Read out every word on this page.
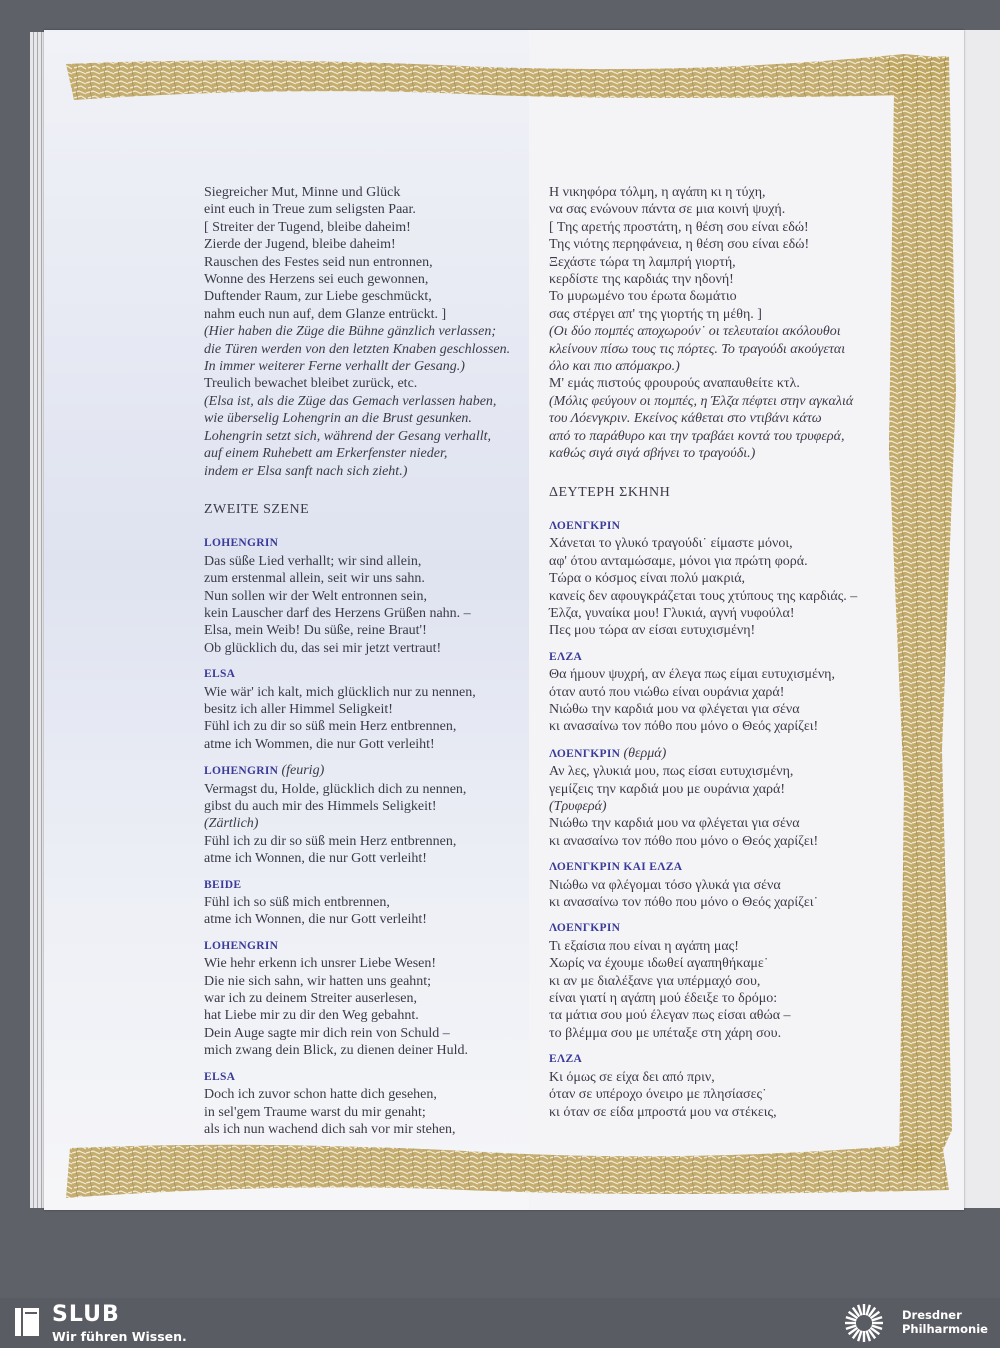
Siegreicher Mut, Minne und Glück

eint euch in Treue zum seligsten Paar.

[ Streiter der Tugend, bleibe daheim!

Zierde der Jugend, bleibe daheim!

Rauschen des Festes seid nun entronnen,

Wonne des Herzens sei euch gewonnen,

Duftender Raum, zur Liebe geschmückt,

nahm euch nun auf, dem Glanze entrückt. ]

(Hier haben die Züge die Bühne gänzlich verlassen;

die Türen werden von den letzten Knaben geschlossen.

In immer weiterer Ferne verhallt der Gesang.)

Treulich bewachet bleibet zurück, etc.

(Elsa ist, als die Züge das Gemach verlassen haben,

wie überselig Lohengrin an die Brust gesunken.

Lohengrin setzt sich, während der Gesang verhallt,

auf einem Ruhebett am Erkerfenster nieder,

indem er Elsa sanft nach sich zieht.)

ZWEITE SZENE

LOHENGRIN

Das süße Lied verhallt; wir sind allein,

zum erstenmal allein, seit wir uns sahn.

Nun sollen wir der Welt entronnen sein,

kein Lauscher darf des Herzens Grüßen nahn. –

Elsa, mein Weib! Du süße, reine Braut'!

Ob glücklich du, das sei mir jetzt vertraut!

ELSA

Wie wär' ich kalt, mich glücklich nur zu nennen,

besitz ich aller Himmel Seligkeit!

Fühl ich zu dir so süß mein Herz entbrennen,

atme ich Wommen, die nur Gott verleiht!

LOHENGRIN (feurig)

Vermagst du, Holde, glücklich dich zu nennen,

gibst du auch mir des Himmels Seligkeit!

(Zärtlich)

Fühl ich zu dir so süß mein Herz entbrennen,

atme ich Wonnen, die nur Gott verleiht!

BEIDE

Fühl ich so süß mich entbrennen,

atme ich Wonnen, die nur Gott verleiht!

LOHENGRIN

Wie hehr erkenn ich unsrer Liebe Wesen!

Die nie sich sahn, wir hatten uns geahnt;

war ich zu deinem Streiter auserlesen,

hat Liebe mir zu dir den Weg gebahnt.

Dein Auge sagte mir dich rein von Schuld –

mich zwang dein Blick, zu dienen deiner Huld.

ELSA

Doch ich zuvor schon hatte dich gesehen,

in sel'gem Traume warst du mir genaht;

als ich nun wachend dich sah vor mir stehen,

Η νικηφόρα τόλμη, η αγάπη κι η τύχη,

να σας ενώνουν πάντα σε μια κοινή ψυχή.

[ Της αρετής προστάτη, η θέση σου είναι εδώ!

Της νιότης περηφάνεια, η θέση σου είναι εδώ!

Ξεχάστε τώρα τη λαμπρή γιορτή,

κερδίστε της καρδιάς την ηδονή!

Το μυρωμένο του έρωτα δωμάτιο

σας στέργει απ' της γιορτής τη μέθη. ]

(Οι δύο πομπές αποχωρούν˙ οι τελευταίοι ακόλουθοι

κλείνουν πίσω τους τις πόρτες. Το τραγούδι ακούγεται

όλο και πιο απόμακρο.)

Μ' εμάς πιστούς φρουρούς αναπαυθείτε κτλ.

(Μόλις φεύγουν οι πομπές, η Έλζα πέφτει στην αγκαλιά

του Λόενγκριν. Εκείνος κάθεται στο ντιβάνι κάτω

από το παράθυρο και την τραβάει κοντά του τρυφερά,

καθώς σιγά σιγά σβήνει το τραγούδι.)

ΔΕΥΤΕΡΗ ΣΚΗΝΗ

ΛΟΕΝΓΚΡΙΝ

Χάνεται το γλυκό τραγούδι˙ είμαστε μόνοι,

αφ' ότου ανταμώσαμε, μόνοι για πρώτη φορά.

Τώρα ο κόσμος είναι πολύ μακριά,

κανείς δεν αφουγκράζεται τους χτύπους της καρδιάς. –

Έλζα, γυναίκα μου! Γλυκιά, αγνή νυφούλα!

Πες μου τώρα αν είσαι ευτυχισμένη!

ΕΛΖΑ

Θα ήμουν ψυχρή, αν έλεγα πως είμαι ευτυχισμένη,

όταν αυτό που νιώθω είναι ουράνια χαρά!

Νιώθω την καρδιά μου να φλέγεται για σένα

κι ανασαίνω τον πόθο που μόνο ο Θεός χαρίζει!

ΛΟΕΝΓΚΡΙΝ (θερμά)

Αν λες, γλυκιά μου, πως είσαι ευτυχισμένη,

γεμίζεις την καρδιά μου με ουράνια χαρά!

(Τρυφερά)

Νιώθω την καρδιά μου να φλέγεται για σένα

κι ανασαίνω τον πόθο που μόνο ο Θεός χαρίζει!

ΛΟΕΝΓΚΡΙΝ ΚΑΙ ΕΛΖΑ

Νιώθω να φλέγομαι τόσο γλυκά για σένα

κι ανασαίνω τον πόθο που μόνο ο Θεός χαρίζει˙

ΛΟΕΝΓΚΡΙΝ

Τι εξαίσια που είναι η αγάπη μας!

Χωρίς να έχουμε ιδωθεί αγαπηθήκαμε˙

κι αν με διαλέξανε για υπέρμαχό σου,

είναι γιατί η αγάπη μού έδειξε το δρόμο:

τα μάτια σου μού έλεγαν πως είσαι αθώα –

το βλέμμα σου με υπέταξε στη χάρη σου.

ΕΛΖΑ

Κι όμως σε είχα δει από πριν,

όταν σε υπέροχο όνειρο με πλησίασες˙

κι όταν σε είδα μπροστά μου να στέκεις,

SLUB
Wir führen Wissen.
Dresdner
Philharmonie
